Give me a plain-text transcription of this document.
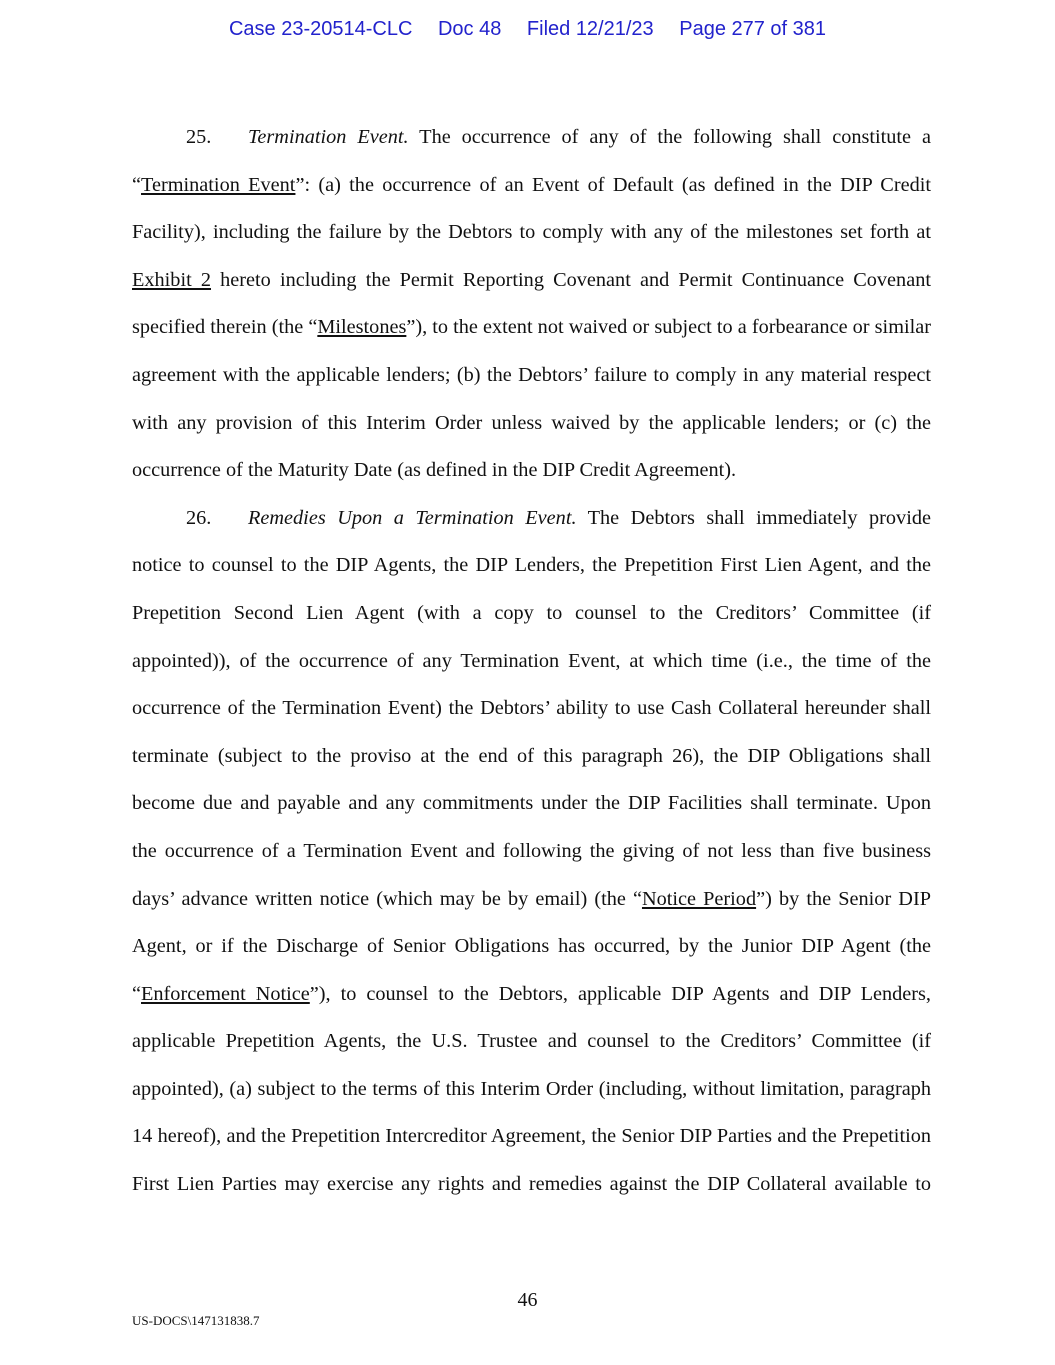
Case 23-20514-CLC Doc 48 Filed 12/21/23 Page 277 of 381
25.	Termination Event. The occurrence of any of the following shall constitute a
“Termination Event”: (a) the occurrence of an Event of Default (as defined in the DIP Credit
Facility), including the failure by the Debtors to comply with any of the milestones set forth at
Exhibit 2 hereto including the Permit Reporting Covenant and Permit Continuance Covenant
specified therein (the “Milestones”), to the extent not waived or subject to a forbearance or similar
agreement with the applicable lenders; (b) the Debtors’ failure to comply in any material respect
with any provision of this Interim Order unless waived by the applicable lenders; or (c) the
occurrence of the Maturity Date (as defined in the DIP Credit Agreement).
26.	Remedies Upon a Termination Event. The Debtors shall immediately provide
notice to counsel to the DIP Agents, the DIP Lenders, the Prepetition First Lien Agent, and the
Prepetition Second Lien Agent (with a copy to counsel to the Creditors’ Committee (if
appointed)), of the occurrence of any Termination Event, at which time (i.e., the time of the
occurrence of the Termination Event) the Debtors’ ability to use Cash Collateral hereunder shall
terminate (subject to the proviso at the end of this paragraph 26), the DIP Obligations shall
become due and payable and any commitments under the DIP Facilities shall terminate. Upon
the occurrence of a Termination Event and following the giving of not less than five business
days’ advance written notice (which may be by email) (the “Notice Period”) by the Senior DIP
Agent, or if the Discharge of Senior Obligations has occurred, by the Junior DIP Agent (the
“Enforcement Notice”), to counsel to the Debtors, applicable DIP Agents and DIP Lenders,
applicable Prepetition Agents, the U.S. Trustee and counsel to the Creditors’ Committee (if
appointed), (a) subject to the terms of this Interim Order (including, without limitation, paragraph
14 hereof), and the Prepetition Intercreditor Agreement, the Senior DIP Parties and the Prepetition
First Lien Parties may exercise any rights and remedies against the DIP Collateral available to
46
US-DOCS\147131838.7
